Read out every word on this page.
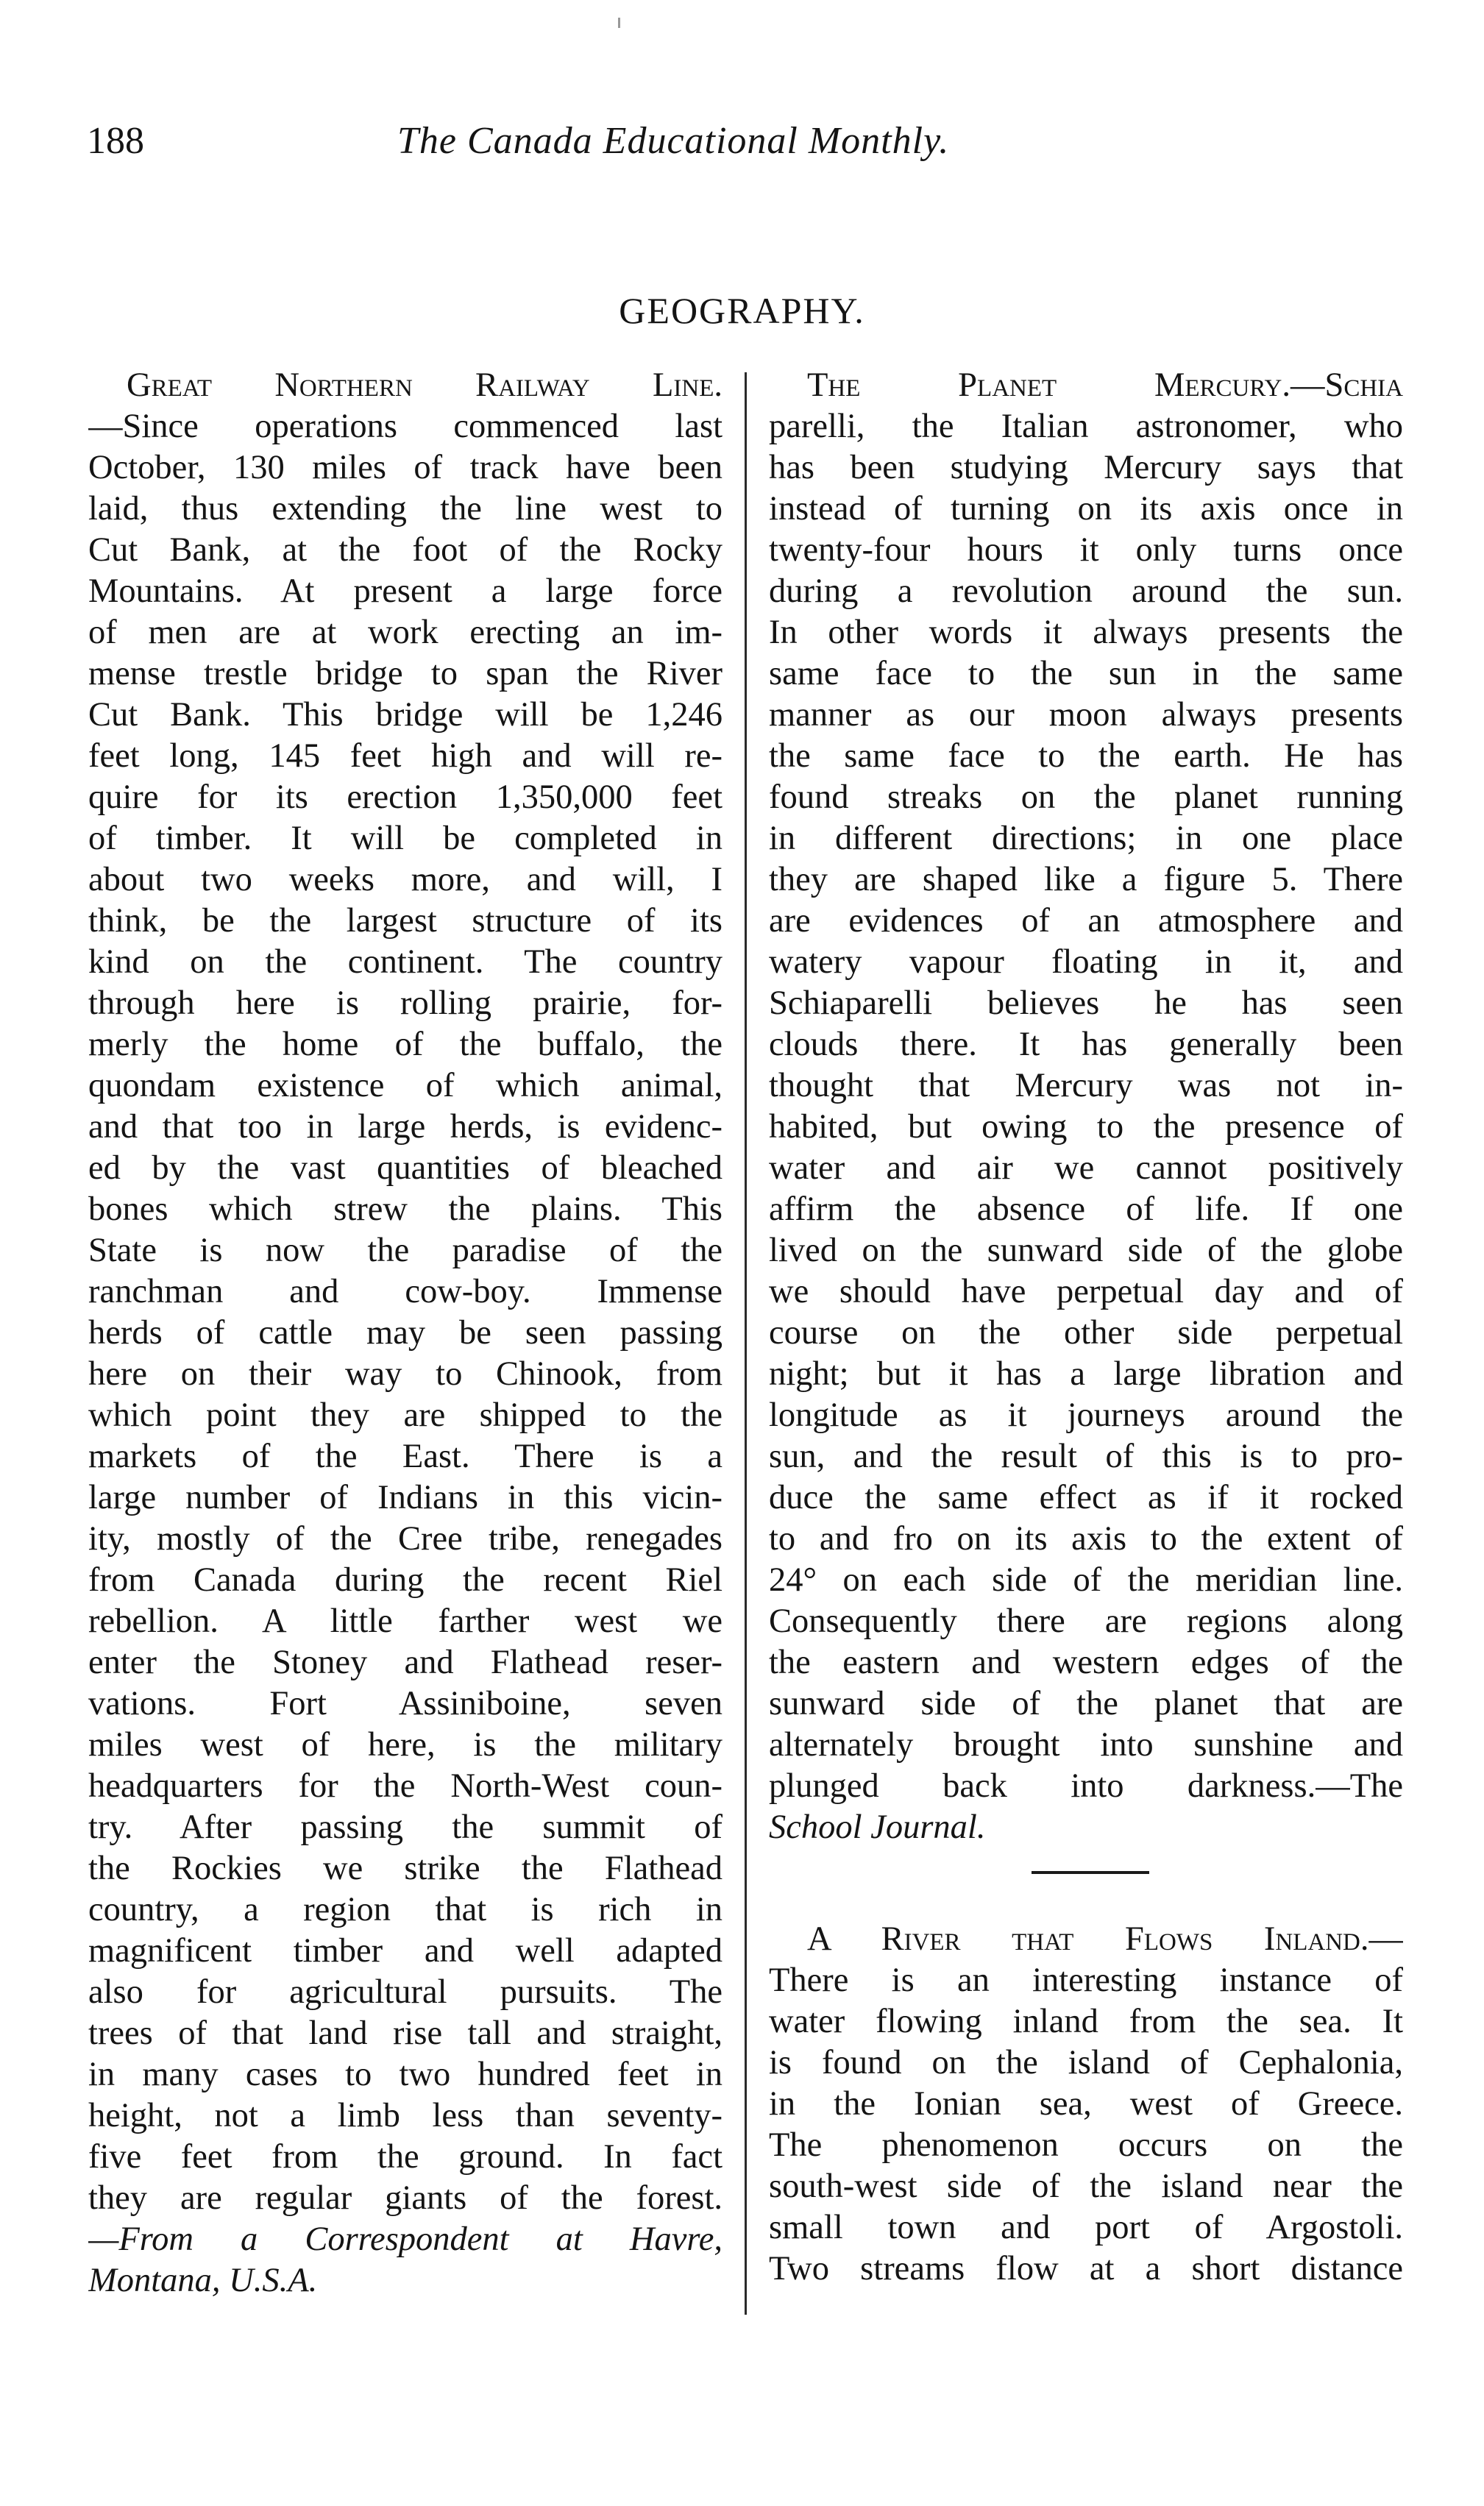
188	The Canada Educational Monthly.
GEOGRAPHY.
Great Northern Railway Line.
—Since operations commenced last
October, 130 miles of track have been
laid, thus extending the line west to
Cut Bank, at the foot of the Rocky
Mountains. At present a large force
of men are at work erecting an im-
mense trestle bridge to span the River
Cut Bank. This bridge will be 1,246
feet long, 145 feet high and will re-
quire for its erection 1,350,000 feet
of timber. It will be completed in
about two weeks more, and will, I
think, be the largest structure of its
kind on the continent. The country
through here is rolling prairie, for-
merly the home of the buffalo, the
quondam existence of which animal,
and that too in large herds, is evidenc-
ed by the vast quantities of bleached
bones which strew the plains. This
State is now the paradise of the
ranchman and cow-boy. Immense
herds of cattle may be seen passing
here on their way to Chinook, from
which point they are shipped to the
markets of the East. There is a
large number of Indians in this vicin-
ity, mostly of the Cree tribe, renegades
from Canada during the recent Riel
rebellion. A little farther west we
enter the Stoney and Flathead reser-
vations. Fort Assiniboine, seven
miles west of here, is the military
headquarters for the North-West coun-
try. After passing the summit of
the Rockies we strike the Flathead
country, a region that is rich in
magnificent timber and well adapted
also for agricultural pursuits. The
trees of that land rise tall and straight,
in many cases to two hundred feet in
height, not a limb less than seventy-
five feet from the ground. In fact
they are regular giants of the forest.
—From a Correspondent at Havre,
Montana, U.S.A.
The Planet Mercury.—Schia
parelli, the Italian astronomer, who
has been studying Mercury says that
instead of turning on its axis once in
twenty-four hours it only turns once
during a revolution around the sun.
In other words it always presents the
same face to the sun in the same
manner as our moon always presents
the same face to the earth. He has
found streaks on the planet running
in different directions; in one place
they are shaped like a figure 5. There
are evidences of an atmosphere and
watery vapour floating in it, and
Schiaparelli believes he has seen
clouds there. It has generally been
thought that Mercury was not in-
habited, but owing to the presence of
water and air we cannot positively
affirm the absence of life. If one
lived on the sunward side of the globe
we should have perpetual day and of
course on the other side perpetual
night; but it has a large libration and
longitude as it journeys around the
sun, and the result of this is to pro-
duce the same effect as if it rocked
to and fro on its axis to the extent of
24° on each side of the meridian line.
Consequently there are regions along
the eastern and western edges of the
sunward side of the planet that are
alternately brought into sunshine and
plunged back into darkness.—The
School Journal.
A River that Flows Inland.—
There is an interesting instance of
water flowing inland from the sea. It
is found on the island of Cephalonia,
in the Ionian sea, west of Greece.
The phenomenon occurs on the
south-west side of the island near the
small town and port of Argostoli.
Two streams flow at a short distance
